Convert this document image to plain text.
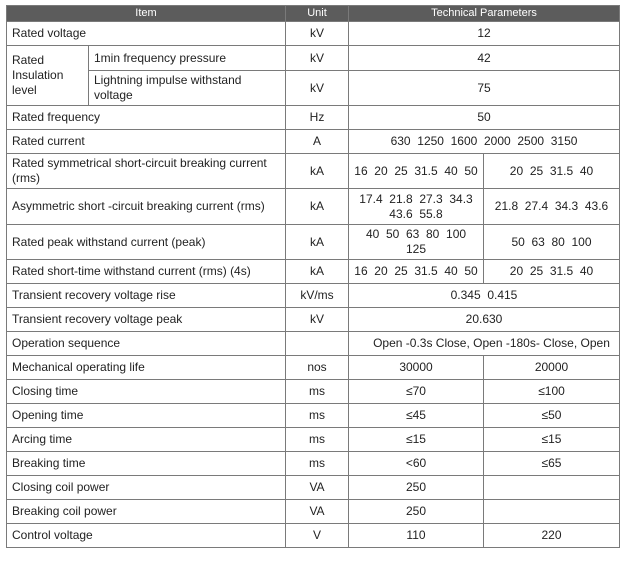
Item		Unit	Technical Parameters	
Rated voltage		kV	12	
Rated Insulation level	1min frequency pressure	kV	42	
	Lightning impulse withstand voltage	kV	75	
Rated frequency		Hz	50	
Rated current		A	630  1250  1600  2000  2500  3150	
Rated symmetrical short-circuit breaking current (rms)		kA	16  20  25  31.5  40  50	20  25  31.5  40
Asymmetric short -circuit breaking current (rms)		kA	17.4  21.8  27.3  34.3  43.6  55.8	21.8  27.4  34.3  43.6
Rated peak withstand current (peak)		kA	40  50  63  80  100  125	50  63  80  100
Rated short-time withstand current (rms) (4s)		kA	16  20  25  31.5  40  50	20  25  31.5  40
Transient recovery voltage rise		kV/ms	0.345  0.415	
Transient recovery voltage peak		kV	20.630	
Operation sequence			Open -0.3s Close, Open -180s- Close, Open	
Mechanical operating life		nos	30000	20000
Closing time		ms	≤70	≤100
Opening time		ms	≤45	≤50
Arcing time		ms	≤15	≤15
Breaking time		ms	<60	≤65
Closing coil power		VA	250	
Breaking coil power		VA	250	
Control voltage		V	110	220
